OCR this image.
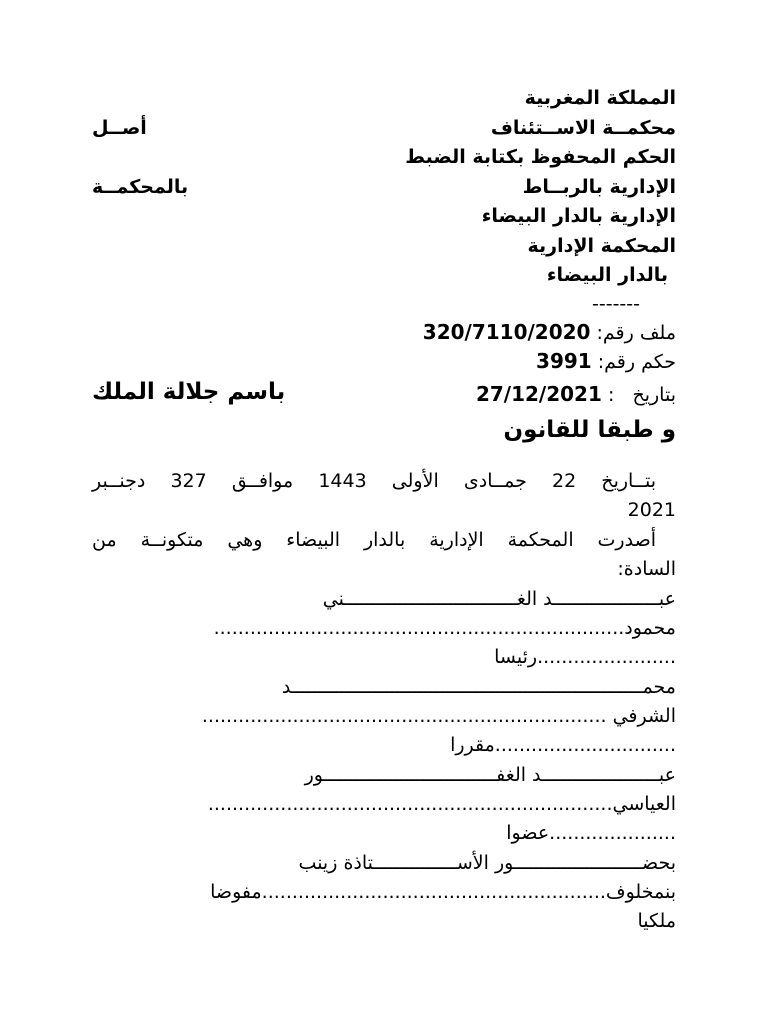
المملكة المغربية
محكمــة الاســتئناف
أصــل
الحكم المحفوظ بكتابة الضبط
الإدارية بالربــاط
بالمحكمــة
الإدارية بالدار البيضاء
المحكمة الإدارية
بالدار البيضاء
-------
ملف رقم: 320/7110/2020
حكم رقم: 3991
بتاريخ   : 27/12/2021
باسم جلالة الملك
و طبقا للقانون
بتــاريخ 22 جمــادى الأولى 1443 موافــق 327 دجنــبر
2021
أصدرت المحكمة الإدارية بالدار البيضاء وهي متكونــة من
السادة:
عبـــــــــــــــــــد الغـــــــــــــــــــــــــــــــني
محمود....................................................................
.......................رئيسا
محمـــــــــــــــــــــــــــــــــــــــــــــــــــــــــــــــد
الشرفي ...................................................................
..............................مقررا
عبـــــــــــــــــــــد الغفـــــــــــــــــــــــــــــــور
العياسي...................................................................
.....................عضوا
بحضـــــــــــــــــــــــور الأســـــــــــــــتاذة زينب
بنمخلوف.........................................................مفوضا
ملكيا
